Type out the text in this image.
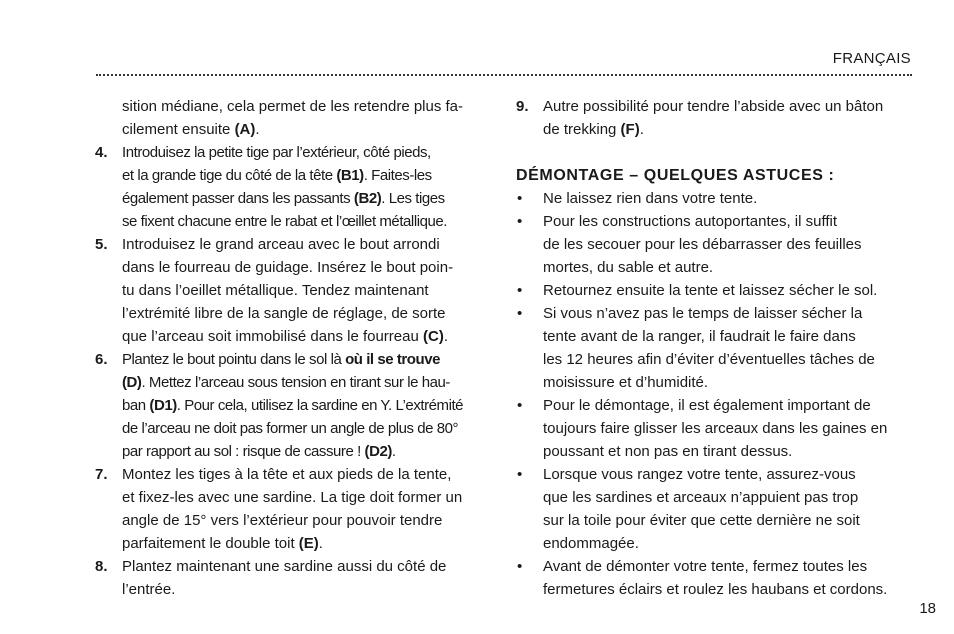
FRANÇAIS
sition médiane, cela permet de les retendre plus fa-
cilement ensuite (A).
4. Introduisez la petite tige par l’extérieur, côté pieds,
et la grande tige du côté de la tête (B1). Faites-les
également passer dans les passants (B2). Les tiges
se fixent chacune entre le rabat et l’œillet métallique.
5. Introduisez le grand arceau avec le bout arrondi
dans le fourreau de guidage. Insérez le bout poin-
tu dans l’oeillet métallique. Tendez maintenant
l’extrémité libre de la sangle de réglage, de sorte
que l’arceau soit immobilisé dans le fourreau (C).
6. Plantez le bout pointu dans le sol là où il se trouve
(D). Mettez l’arceau sous tension en tirant sur le hau-
ban (D1). Pour cela, utilisez la sardine en Y. L’extrémité
de l’arceau ne doit pas former un angle de plus de 80°
par rapport au sol : risque de cassure ! (D2).
7. Montez les tiges à la tête et aux pieds de la tente,
et fixez-les avec une sardine. La tige doit former un
angle de 15° vers l’extérieur pour pouvoir tendre
parfaitement le double toit (E).
8. Plantez maintenant une sardine aussi du côté de
l’entrée.
9. Autre possibilité pour tendre l’abside avec un bâton
de trekking (F).
DÉMONTAGE – QUELQUES ASTUCES :
• Ne laissez rien dans votre tente.
• Pour les constructions autoportantes, il suffit
de les secouer pour les débarrasser des feuilles
mortes, du sable et autre.
• Retournez ensuite la tente et laissez sécher le sol.
• Si vous n’avez pas le temps de laisser sécher la
tente avant de la ranger, il faudrait le faire dans
les 12 heures afin d’éviter d’éventuelles tâches de
moisissure et d’humidité.
• Pour le démontage, il est également important de
toujours faire glisser les arceaux dans les gaines en
poussant et non pas en tirant dessus.
• Lorsque vous rangez votre tente, assurez-vous
que les sardines et arceaux n’appuient pas trop
sur la toile pour éviter que cette dernière ne soit
endommagée.
• Avant de démonter votre tente, fermez toutes les
fermetures éclairs et roulez les haubans et cordons.
18
